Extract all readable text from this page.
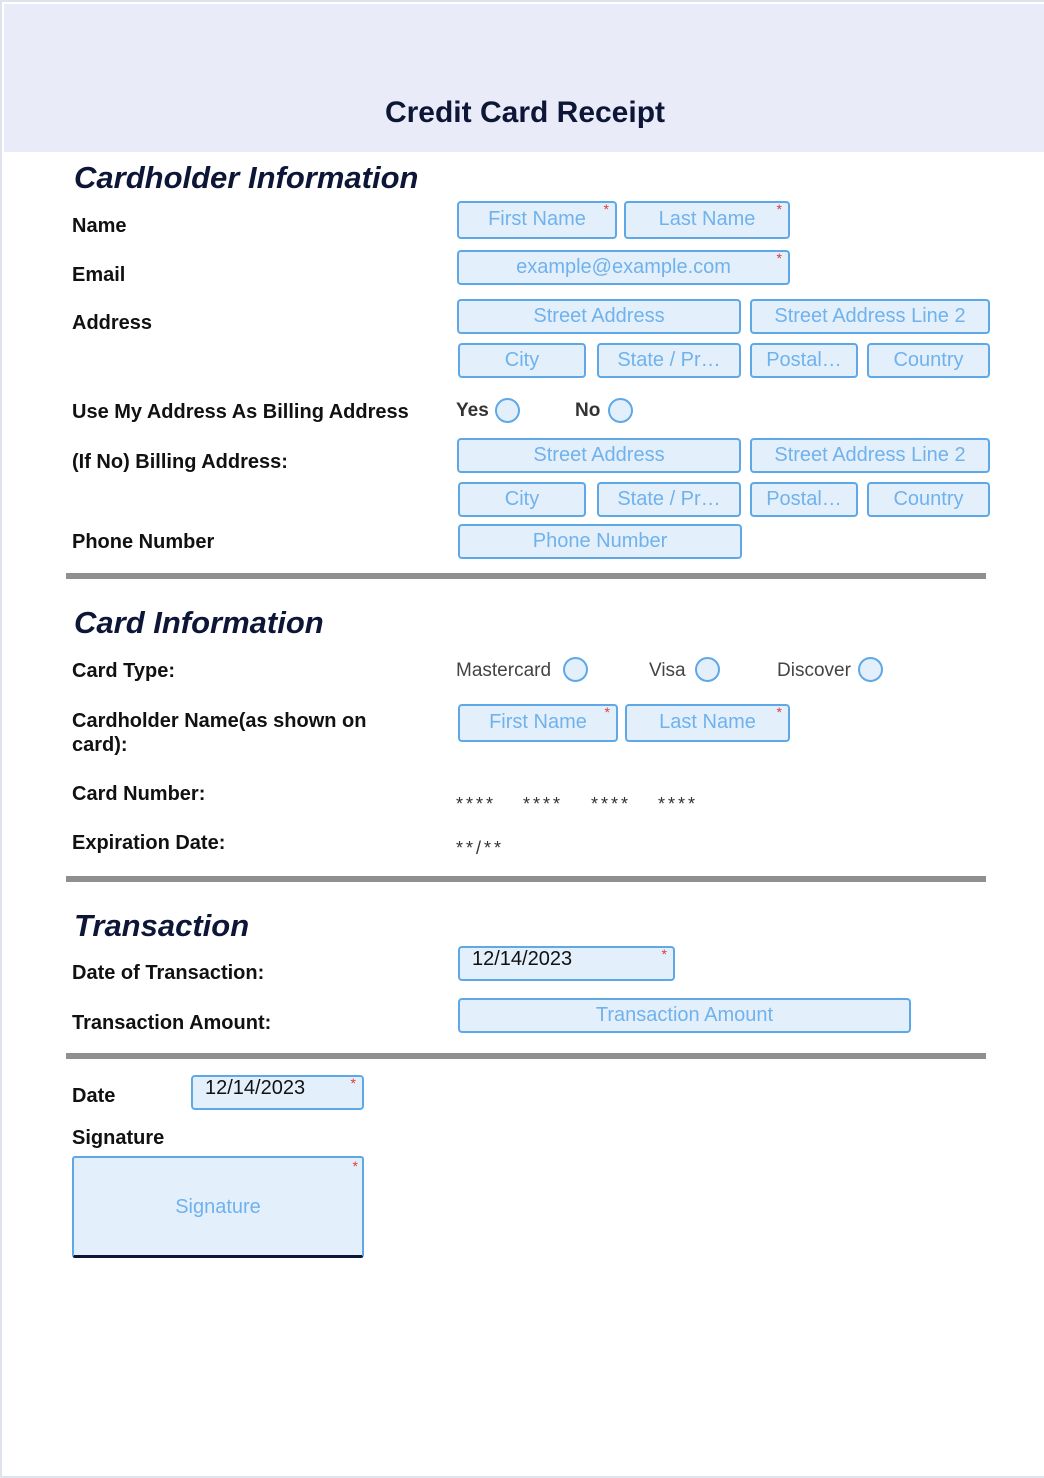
Credit Card Receipt
Cardholder Information
Name	First Name *	Last Name *
Email	example@example.com	*
Address	Street Address	Street Address Line 2
City	State / Pr…	Postal…	Country
Use My Address As Billing Address Yes	No
(If No) Billing Address:	Street Address	Street Address Line 2
City	State / Pr…	Postal…	Country
Phone Number	Phone Number
Card Information
Card Type:	Mastercard	Visa	Discover
Cardholder Name(as shown on card):
First Name *	Last Name *
Card Number:	**** **** **** ****
Expiration Date:	**/**
Transaction
Date of Transaction:
12/14/2023	*
Transaction Amount:	Transaction Amount
Date	12/14/2023	*
Signature
Signature
*
